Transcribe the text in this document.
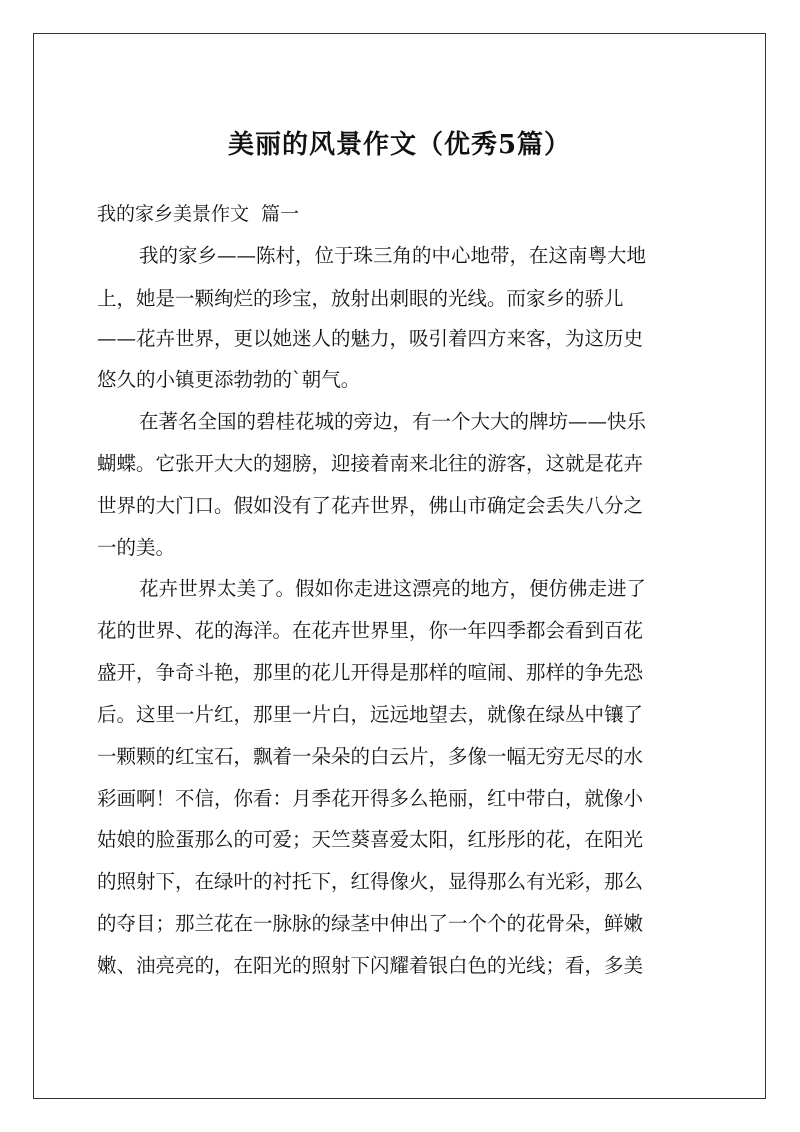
美丽的风景作文（优秀5篇）
我的家乡美景作文  篇一

我的家乡——陈村，位于珠三角的中心地带，在这南粤大地

上，她是一颗绚烂的珍宝，放射出刺眼的光线。而家乡的骄儿

——花卉世界，更以她迷人的魅力，吸引着四方来客，为这历史

悠久的小镇更添勃勃的`朝气。

在著名全国的碧桂花城的旁边，有一个大大的牌坊——快乐

蝴蝶。它张开大大的翅膀，迎接着南来北往的游客，这就是花卉

世界的大门口。假如没有了花卉世界，佛山市确定会丢失八分之

一的美。

花卉世界太美了。假如你走进这漂亮的地方，便仿佛走进了

花的世界、花的海洋。在花卉世界里，你一年四季都会看到百花

盛开，争奇斗艳，那里的花儿开得是那样的喧闹、那样的争先恐

后。这里一片红，那里一片白，远远地望去，就像在绿丛中镶了

一颗颗的红宝石，飘着一朵朵的白云片，多像一幅无穷无尽的水

彩画啊！不信，你看：月季花开得多么艳丽，红中带白，就像小

姑娘的脸蛋那么的可爱；天竺葵喜爱太阳，红彤彤的花，在阳光

的照射下，在绿叶的衬托下，红得像火，显得那么有光彩，那么

的夺目；那兰花在一脉脉的绿茎中伸出了一个个的花骨朵，鲜嫩

嫩、油亮亮的，在阳光的照射下闪耀着银白色的光线；看，多美
